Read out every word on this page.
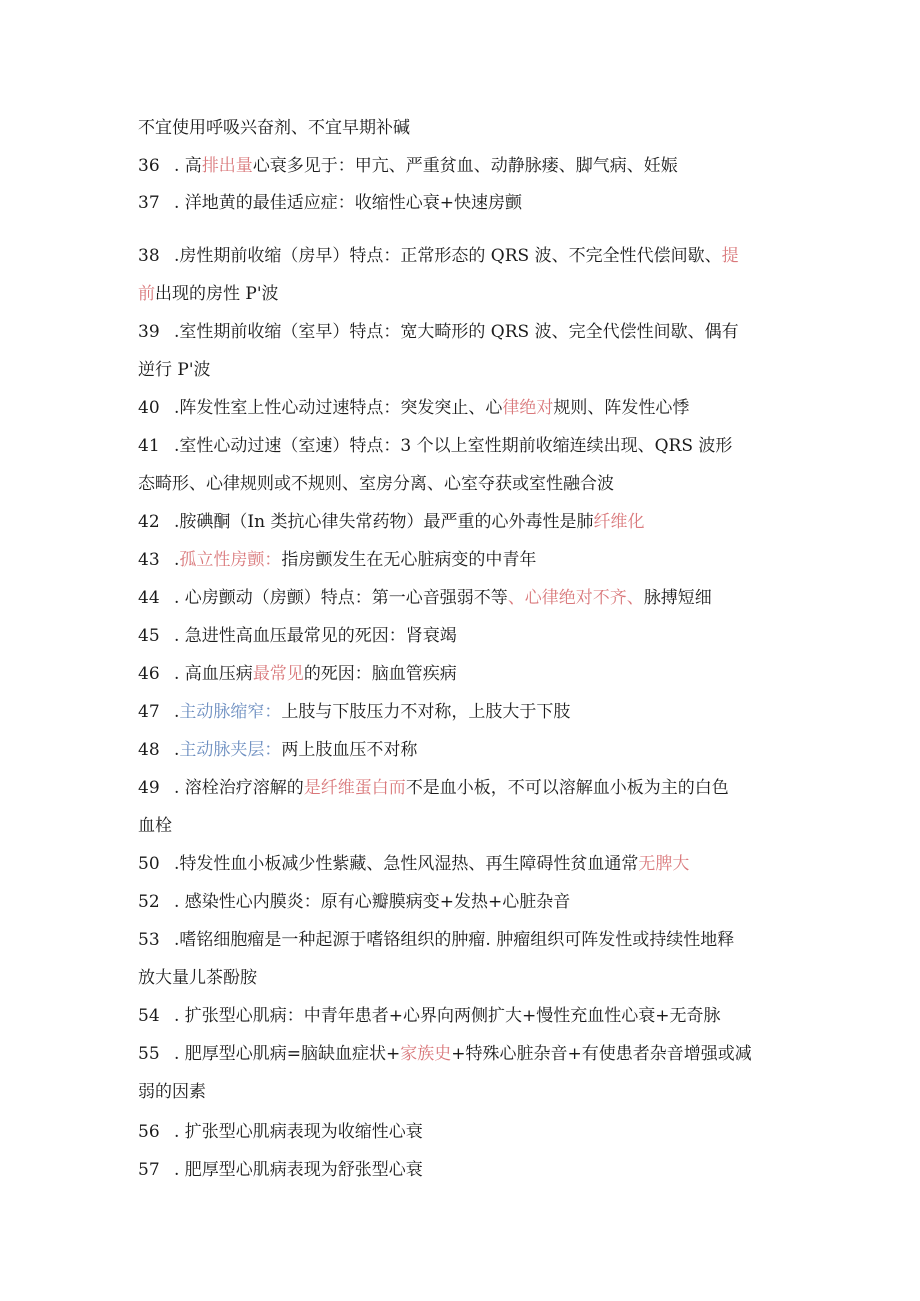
不宜使用呼吸兴奋剂、不宜早期补碱
36 . 高排出量心衰多见于：甲亢、严重贫血、动静脉瘘、脚气病、妊娠
37 . 洋地黄的最佳适应症：收缩性心衰+快速房颤
38 .房性期前收缩（房早）特点：正常形态的 QRS 波、不完全性代偿间歇、提
前出现的房性 P'波
39 .室性期前收缩（室早）特点：宽大畸形的 QRS 波、完全代偿性间歇、偶有
逆行 P'波
40 .阵发性室上性心动过速特点：突发突止、心律绝对规则、阵发性心悸
41 .室性心动过速（室速）特点：3 个以上室性期前收缩连续出现、QRS 波形
态畸形、心律规则或不规则、室房分离、心室夺获或室性融合波
42 .胺碘酮（In 类抗心律失常药物）最严重的心外毒性是肺纤维化
43 .孤立性房颤：指房颤发生在无心脏病变的中青年
44 . 心房颤动（房颤）特点：第一心音强弱不等、心律绝对不齐、脉搏短细
45 . 急进性高血压最常见的死因：肾衰竭
46 . 高血压病最常见的死因：脑血管疾病
47 .主动脉缩窄：上肢与下肢压力不对称，上肢大于下肢
48 .主动脉夹层：两上肢血压不对称
49 . 溶栓治疗溶解的是纤维蛋白而不是血小板，不可以溶解血小板为主的白色
血栓
50 .特发性血小板减少性紫藏、急性风湿热、再生障碍性贫血通常无脾大
52 . 感染性心内膜炎：原有心瓣膜病变+发热+心脏杂音
53 .嗜铭细胞瘤是一种起源于嗜铬组织的肿瘤. 肿瘤组织可阵发性或持续性地释
放大量儿茶酚胺
54 . 扩张型心肌病：中青年患者+心界向两侧扩大+慢性充血性心衰+无奇脉
55 . 肥厚型心肌病=脑缺血症状+家族史+特殊心脏杂音+有使患者杂音增强或减
弱的因素
56 . 扩张型心肌病表现为收缩性心衰
57 . 肥厚型心肌病表现为舒张型心衰
